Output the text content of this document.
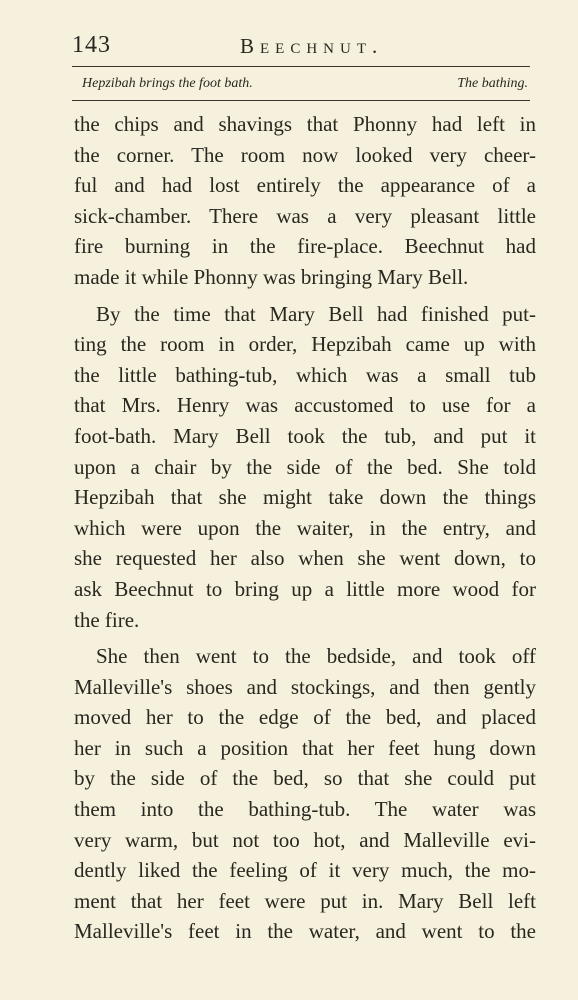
143	Beechnut.
Hepzibah brings the foot bath.	The bathing.
the chips and shavings that Phonny had left in
the corner. The room now looked very cheer-
ful and had lost entirely the appearance of a
sick-chamber. There was a very pleasant little
fire burning in the fire-place. Beechnut had
made it while Phonny was bringing Mary Bell.
By the time that Mary Bell had finished put-
ting the room in order, Hepzibah came up with
the little bathing-tub, which was a small tub
that Mrs. Henry was accustomed to use for a
foot-bath. Mary Bell took the tub, and put it
upon a chair by the side of the bed. She told
Hepzibah that she might take down the things
which were upon the waiter, in the entry, and
she requested her also when she went down, to
ask Beechnut to bring up a little more wood for
the fire.
She then went to the bedside, and took off
Malleville's shoes and stockings, and then gently
moved her to the edge of the bed, and placed
her in such a position that her feet hung down
by the side of the bed, so that she could put
them into the bathing-tub. The water was
very warm, but not too hot, and Malleville evi-
dently liked the feeling of it very much, the mo-
ment that her feet were put in. Mary Bell left
Malleville's feet in the water, and went to the
